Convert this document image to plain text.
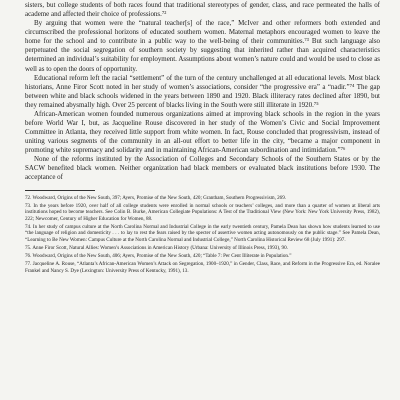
sisters, but college students of both races found that traditional stereotypes of gender, class, and race permeated the halls of academe and affected their choice of professions.⁷²

By arguing that women were the “natural teacher[s] of the race,” McIver and other reformers both extended and circumscribed the professional horizons of educated southern women. Maternal metaphors encouraged women to leave the home for the school and to contribute in a public way to the well-being of their communities.⁷³ But such language also perpetuated the social segregation of southern society by suggesting that inherited rather than acquired characteristics determined an individual’s suitability for employment. Assumptions about women’s nature could and would be used to close as well as to open the doors of opportunity.

Educational reform left the racial “settlement” of the turn of the century unchallenged at all educational levels. Most black historians, Anne Firor Scott noted in her study of women’s associations, consider “the progressive era” a “nadir.”⁷⁴ The gap between white and black schools widened in the years between 1890 and 1920. Black illiteracy rates declined after 1890, but they remained abysmally high. Over 25 percent of blacks living in the South were still illiterate in 1920.⁷⁵

African-American women founded numerous organizations aimed at improving black schools in the region in the years before World War I, but, as Jacqueline Rouse discovered in her study of the Women’s Civic and Social Improvement Committee in Atlanta, they received little support from white women. In fact, Rouse concluded that progressivism, instead of uniting various segments of the community in an all-out effort to better life in the city, “became a major component in promoting white supremacy and solidarity and in maintaining African-American subordination and intimidation.”⁷⁶

None of the reforms instituted by the Association of Colleges and Secondary Schools of the Southern States or by the SACW benefited black women. Neither organization had black members or evaluated black institutions before 1930. The acceptance of

72. Woodward, Origins of the New South, 397; Ayers, Promise of the New South, 420; Grantham, Southern Progressivism, 269.

73. In the years before 1920, over half of all college students were enrolled in normal schools or teachers’ colleges, and more than a quarter of women at liberal arts institutions hoped to become teachers. See Colin B. Burke, American Collegiate Populations: A Test of the Traditional View (New York: New York University Press, 1982), 222; Newcomer, Century of Higher Education for Women, 88.

74. In her study of campus culture at the North Carolina Normal and Industrial College in the early twentieth century, Pamela Dean has shown how students learned to use “the language of religion and domesticity . . . to lay to rest the fears raised by the specter of assertive women acting autonomously on the public stage.” See Pamela Dean, “Learning to Be New Women: Campus Culture at the North Carolina Normal and Industrial College,” North Carolina Historical Review 68 (July 1991): 297.

75. Anne Firor Scott, Natural Allies: Women’s Associations in American History (Urbana: University of Illinois Press, 1993), 90.

76. Woodward, Origins of the New South, 406; Ayers, Promise of the New South, 420; “Table 7: Per Cent Illiterate in Population.”

77. Jacqueline A. Rouse, “Atlanta’s African-American Women’s Attack on Segregation, 1900–1920,” in Gender, Class, Race, and Reform in the Progressive Era, ed. Noralee Frankel and Nancy S. Dye (Lexington: University Press of Kentucky, 1991), 13.
